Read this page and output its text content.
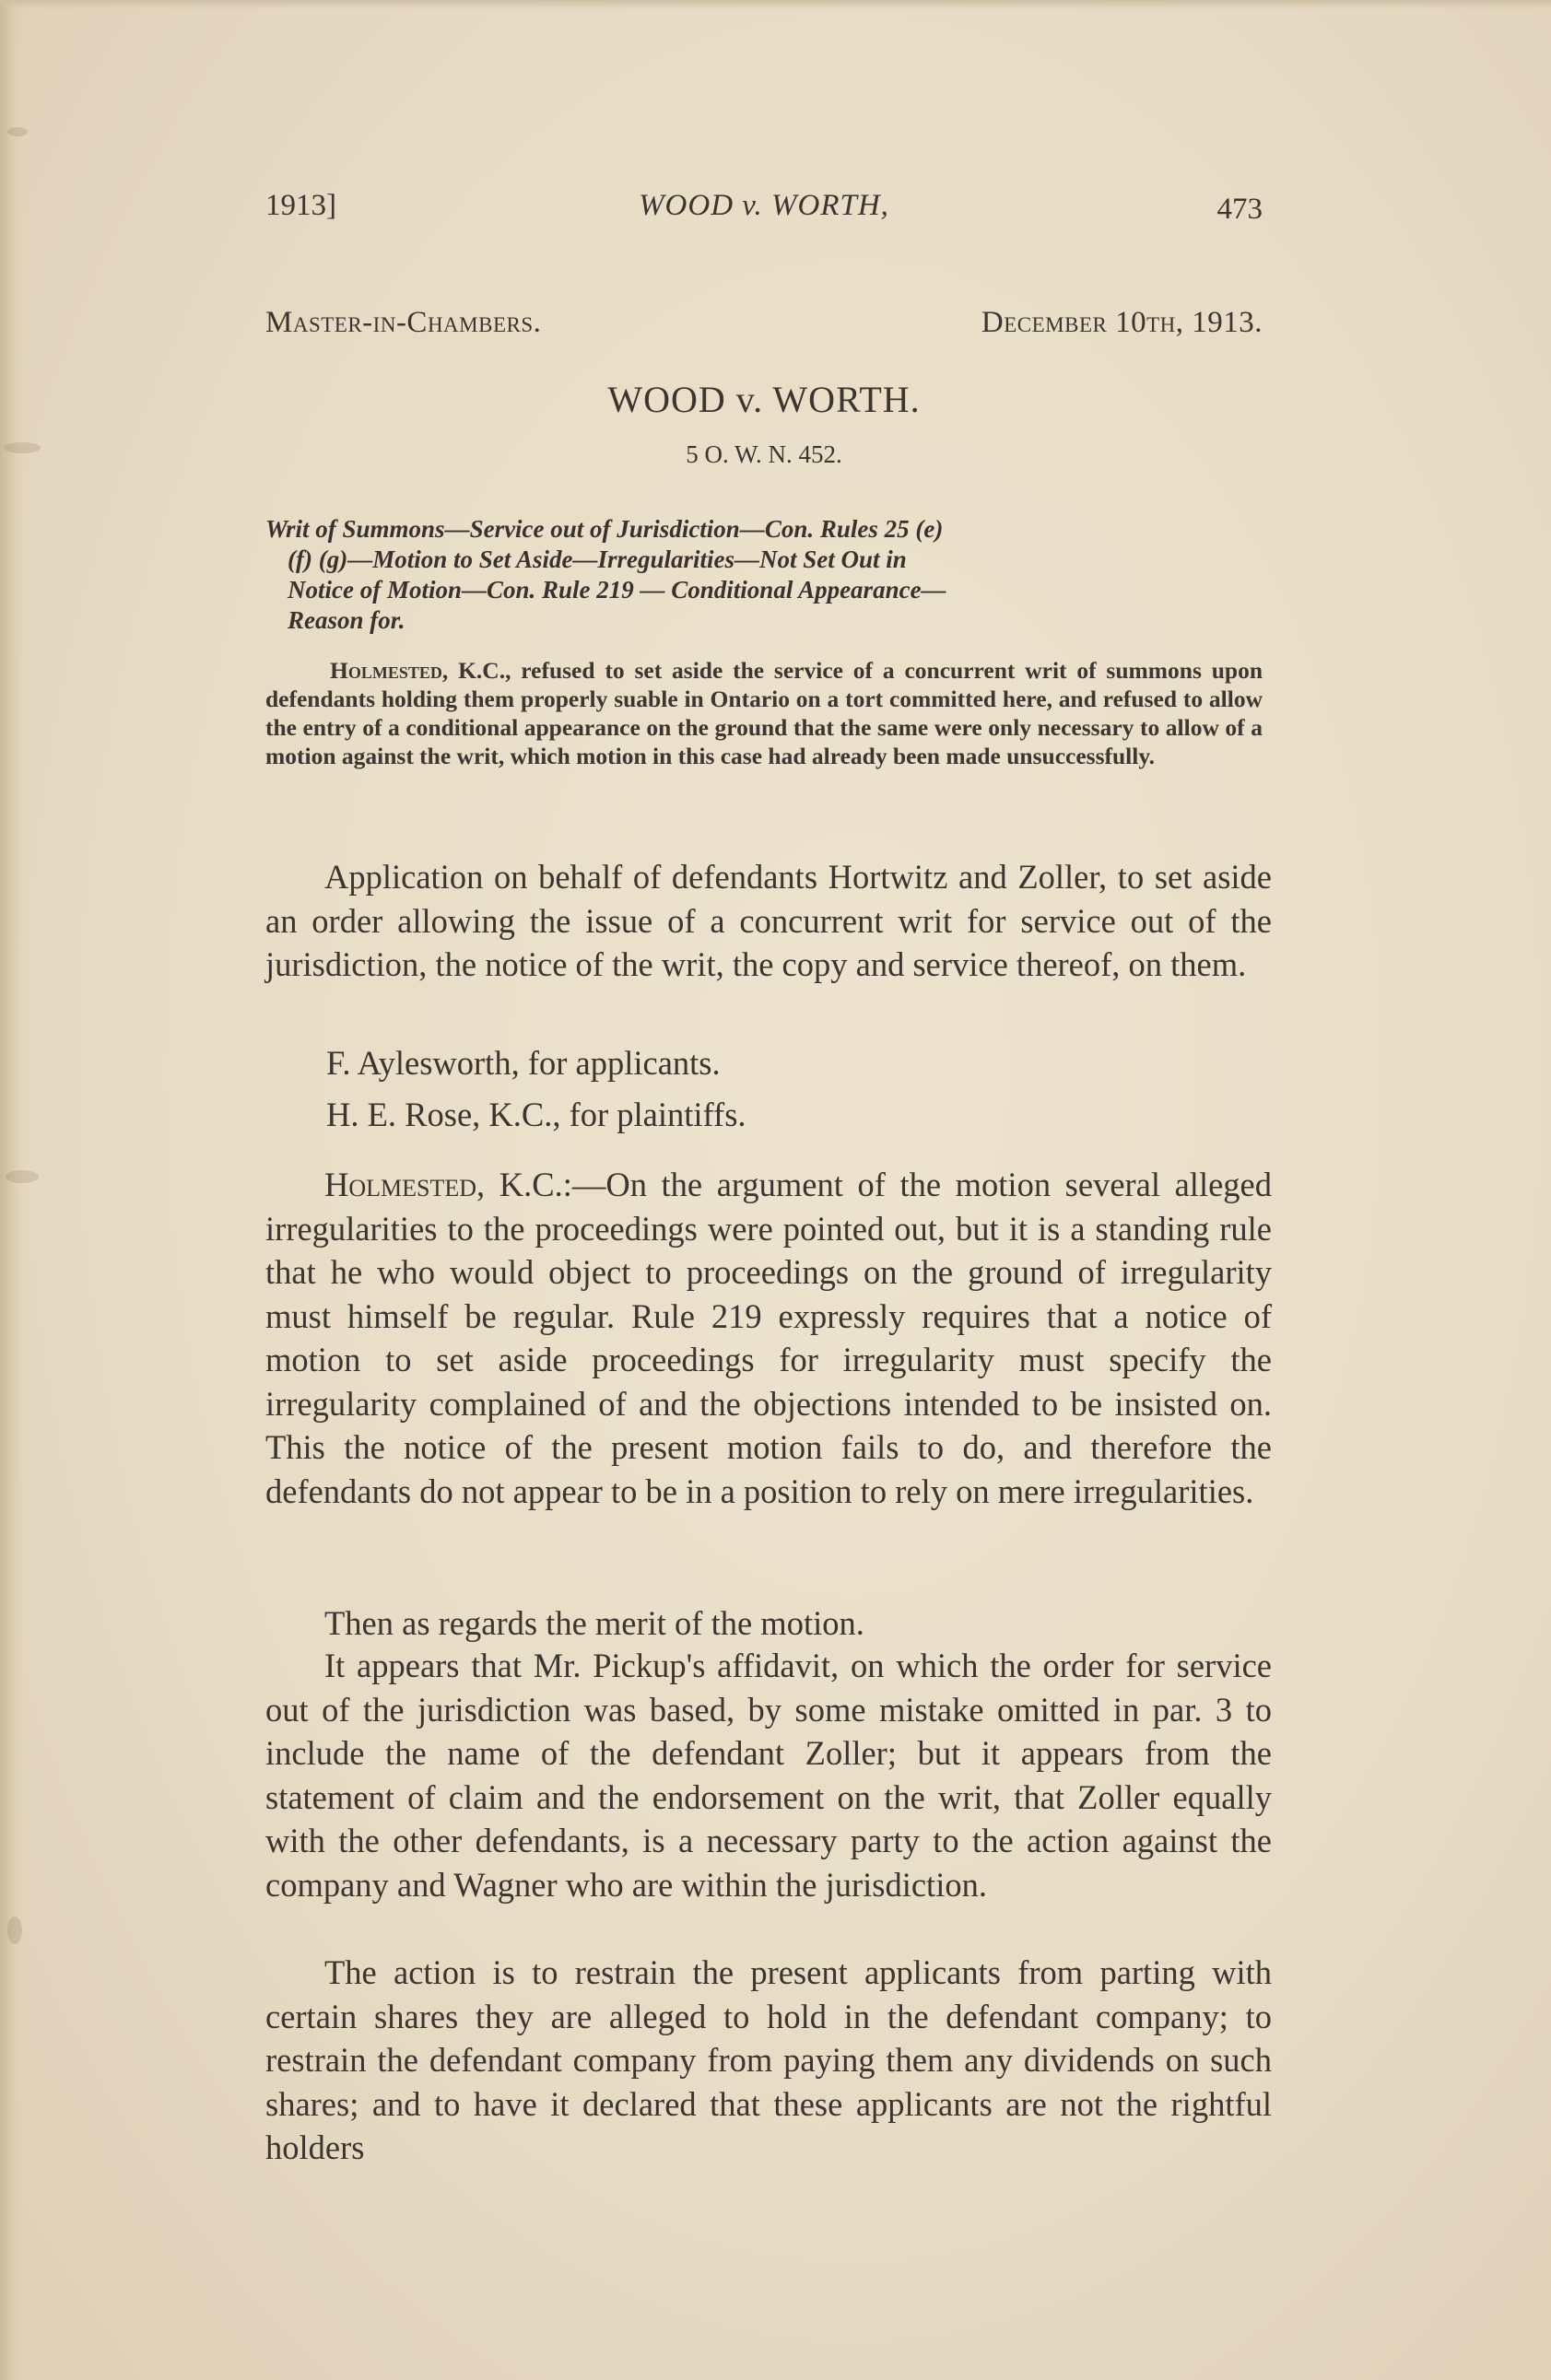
1913]	WOOD v. WORTH,	473
Master-in-Chambers.	December 10th, 1913.
WOOD v. WORTH.
5 O. W. N. 452.
Writ of Summons—Service out of Jurisdiction—Con. Rules 25 (e)
(f) (g)—Motion to Set Aside—Irregularities—Not Set Out in
Notice of Motion—Con. Rule 219 — Conditional Appearance—
Reason for.
Holmested, K.C., refused to set aside the service of a concurrent writ of summons upon defendants holding them properly suable in Ontario on a tort committed here, and refused to allow the entry of a conditional appearance on the ground that the same were only necessary to allow of a motion against the writ, which motion in this case had already been made unsuccessfully.

Application on behalf of defendants Hortwitz and Zoller, to set aside an order allowing the issue of a concurrent writ for service out of the jurisdiction, the notice of the writ, the copy and service thereof, on them.

F. Aylesworth, for applicants.
H. E. Rose, K.C., for plaintiffs.

Holmested, K.C.:—On the argument of the motion several alleged irregularities to the proceedings were pointed out, but it is a standing rule that he who would object to proceedings on the ground of irregularity must himself be regular. Rule 219 expressly requires that a notice of motion to set aside proceedings for irregularity must specify the irregularity complained of and the objections intended to be insisted on. This the notice of the present motion fails to do, and therefore the defendants do not appear to be in a position to rely on mere irregularities.

Then as regards the merit of the motion.

It appears that Mr. Pickup's affidavit, on which the order for service out of the jurisdiction was based, by some mistake omitted in par. 3 to include the name of the defendant Zoller; but it appears from the statement of claim and the endorsement on the writ, that Zoller equally with the other defendants, is a necessary party to the action against the company and Wagner who are within the jurisdiction.

The action is to restrain the present applicants from parting with certain shares they are alleged to hold in the defendant company; to restrain the defendant company from paying them any dividends on such shares; and to have it declared that these applicants are not the rightful holders
